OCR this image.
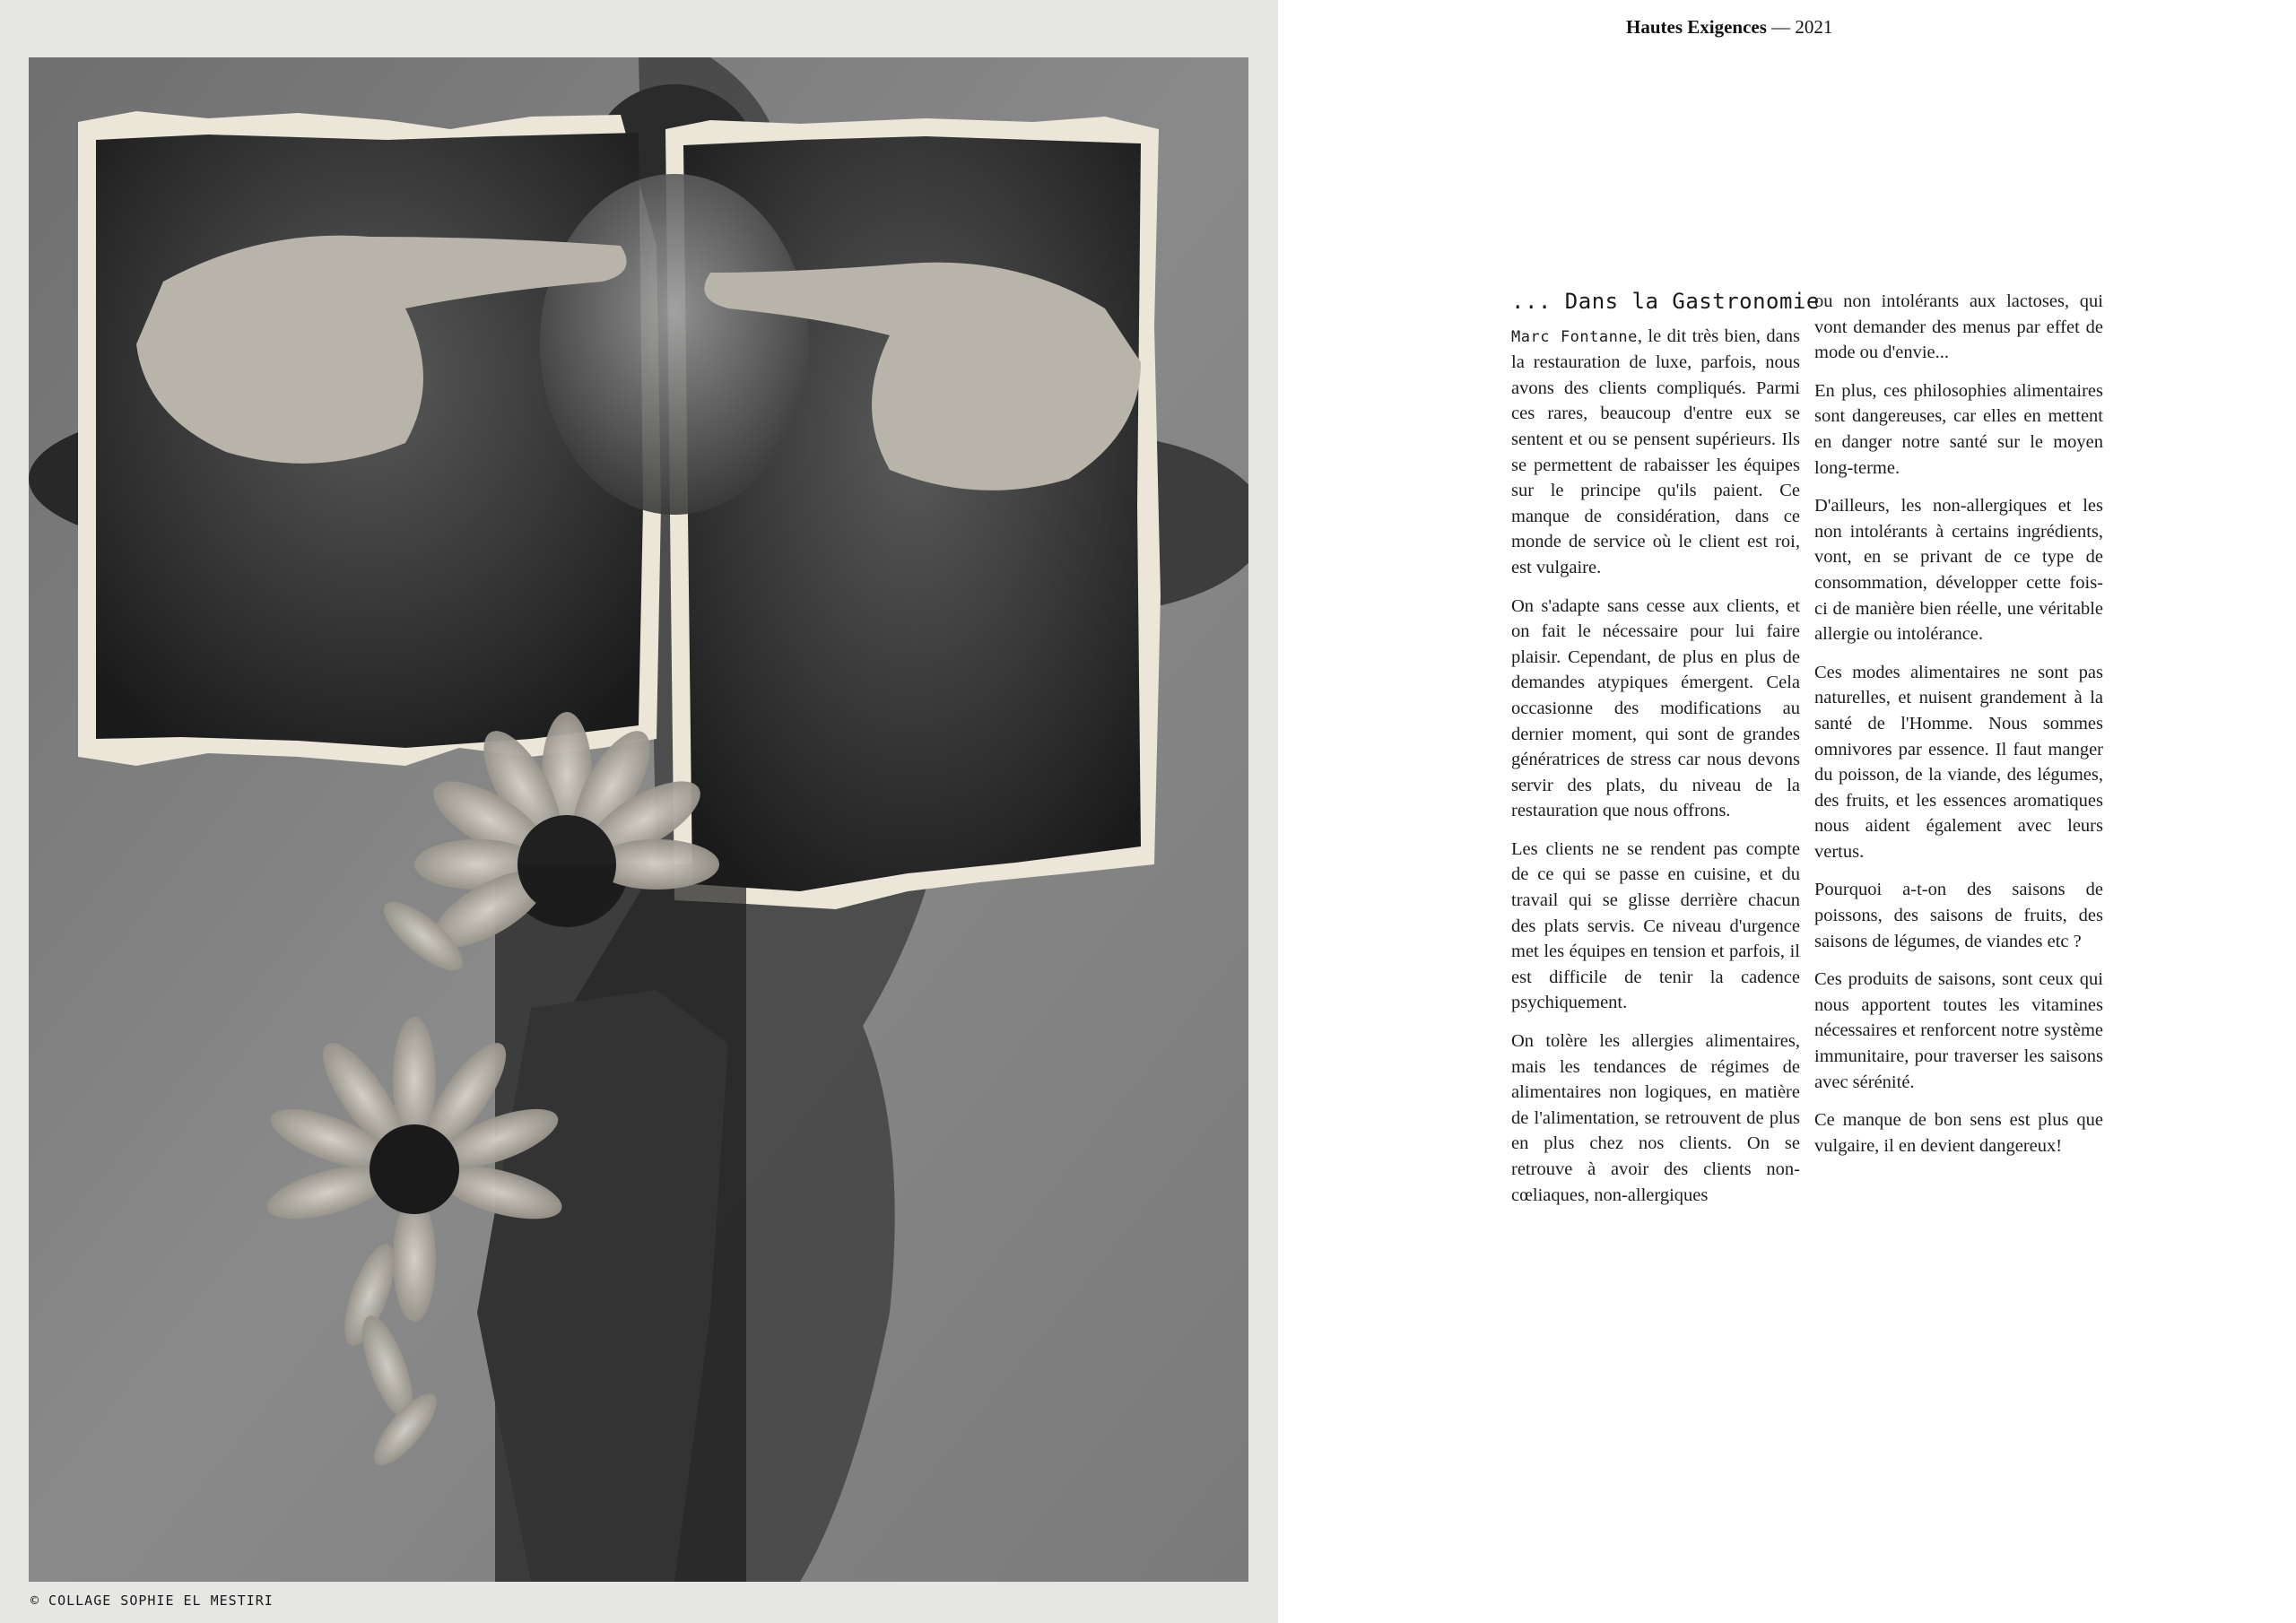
© COLLAGE SOPHIE EL MESTIRI
Hautes Exigences — 2021
... Dans la Gastronomie

Marc Fontanne, le dit très bien, dans la restauration de luxe, parfois, nous avons des clients compliqués. Parmi ces rares, beaucoup d'entre eux se sentent et ou se pensent supérieurs. Ils se permettent de rabaisser les équipes sur le principe qu'ils paient. Ce manque de considération, dans ce monde de service où le client est roi, est vulgaire.

On s'adapte sans cesse aux clients, et on fait le nécessaire pour lui faire plaisir. Cependant, de plus en plus de demandes atypiques émergent. Cela occasionne des modifications au dernier moment, qui sont de grandes génératrices de stress car nous devons servir des plats, du niveau de la restauration que nous offrons.

Les clients ne se rendent pas compte de ce qui se passe en cuisine, et du travail qui se glisse derrière chacun des plats servis. Ce niveau d'urgence met les équipes en tension et parfois, il est difficile de tenir la cadence psychiquement.

On tolère les allergies alimentaires, mais les tendances de régimes de alimentaires non logiques, en matière de l'alimentation, se retrouvent de plus en plus chez nos clients. On se retrouve à avoir des clients non-cœliaques, non-allergiques

ou non intolérants aux lactoses, qui vont demander des menus par effet de mode ou d'envie...

En plus, ces philosophies alimentaires sont dangereuses, car elles en mettent en danger notre santé sur le moyen long-terme.

D'ailleurs, les non-allergiques et les non intolérants à certains ingrédients, vont, en se privant de ce type de consommation, développer cette fois-ci de manière bien réelle, une véritable allergie ou intolérance.

Ces modes alimentaires ne sont pas naturelles, et nuisent grandement à la santé de l'Homme. Nous sommes omnivores par essence. Il faut manger du poisson, de la viande, des légumes, des fruits, et les essences aromatiques nous aident également avec leurs vertus.

Pourquoi a-t-on des saisons de poissons, des saisons de fruits, des saisons de légumes, de viandes etc ?

Ces produits de saisons, sont ceux qui nous apportent toutes les vitamines nécessaires et renforcent notre système immunitaire, pour traverser les saisons avec sérénité.

Ce manque de bon sens est plus que vulgaire, il en devient dangereux!
